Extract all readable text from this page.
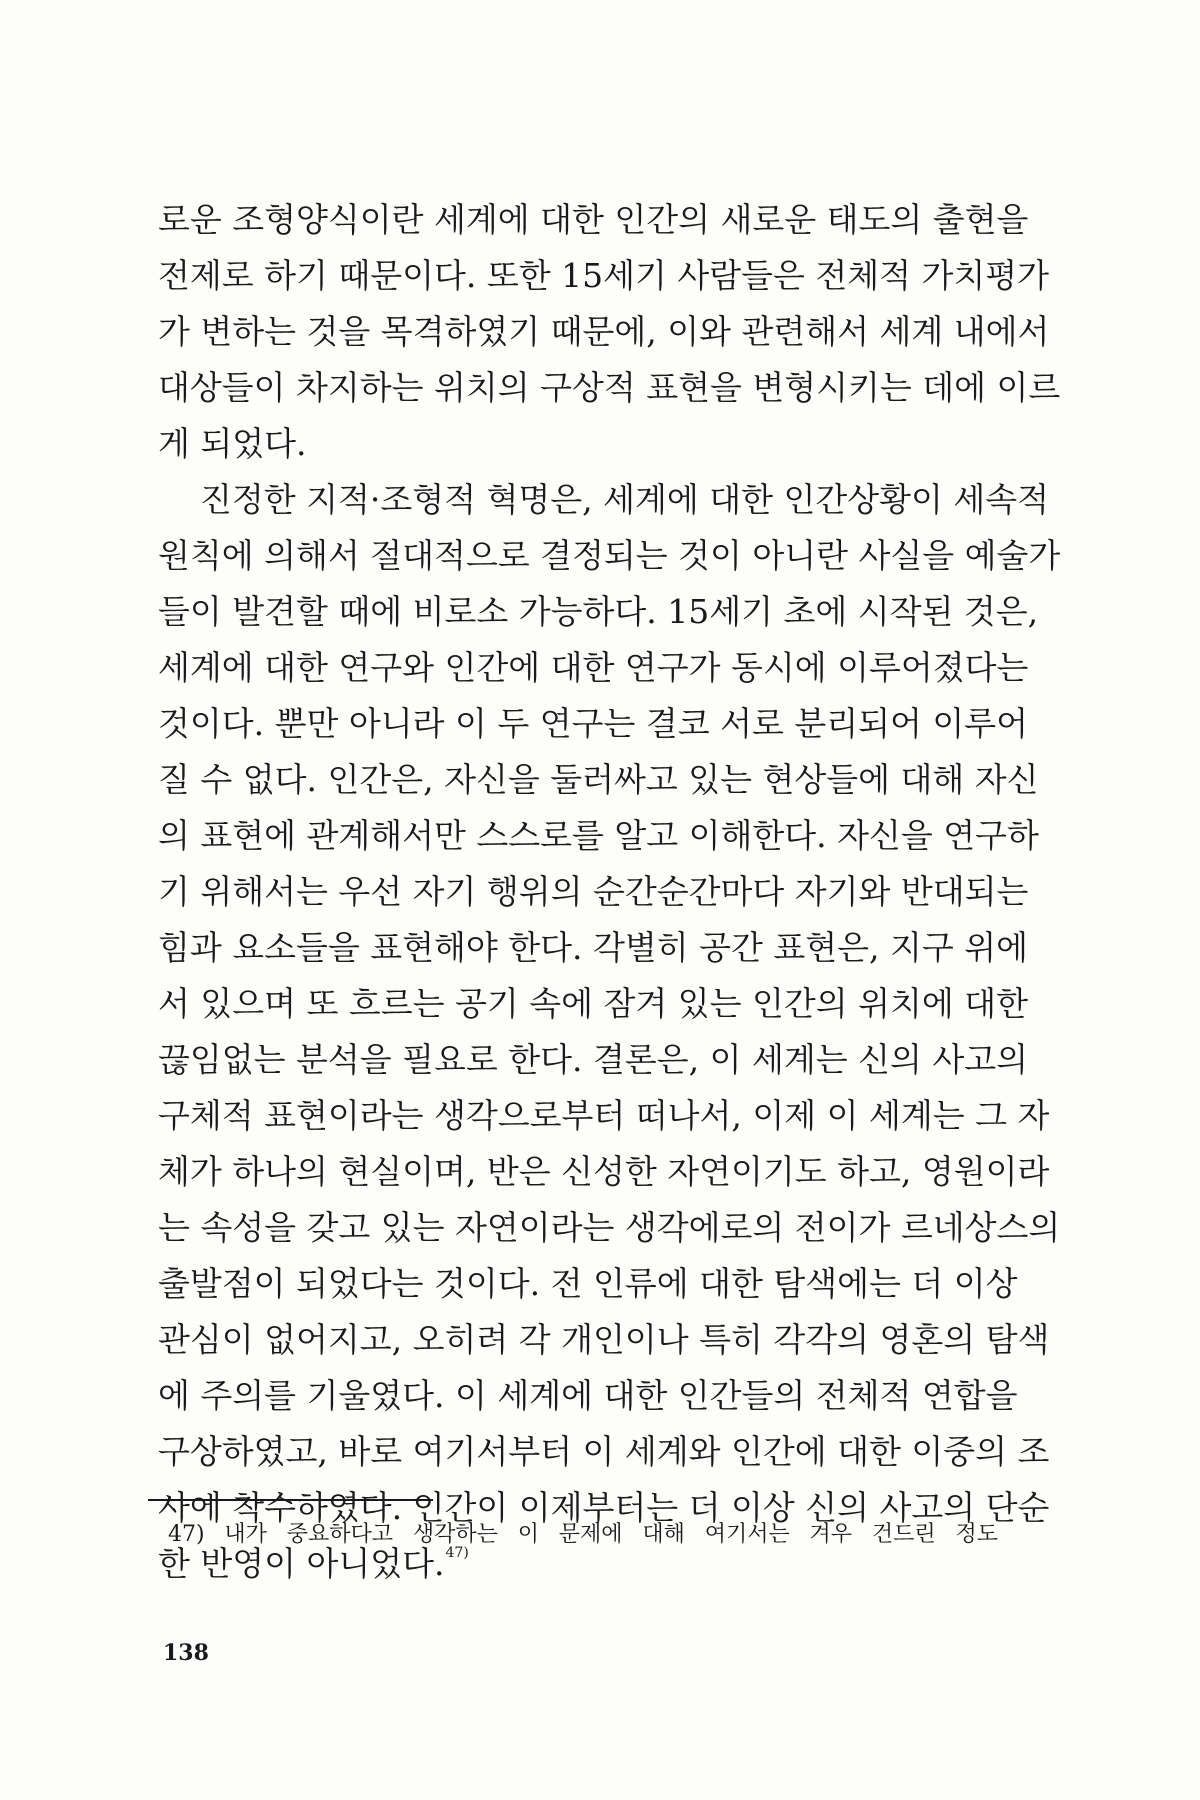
로운 조형양식이란 세계에 대한 인간의 새로운 태도의 출현을
전제로 하기 때문이다. 또한 15세기 사람들은 전체적 가치평가
가 변하는 것을 목격하였기 때문에, 이와 관련해서 세계 내에서
대상들이 차지하는 위치의 구상적 표현을 변형시키는 데에 이르
게 되었다.
진정한 지적·조형적 혁명은, 세계에 대한 인간상황이 세속적
원칙에 의해서 절대적으로 결정되는 것이 아니란 사실을 예술가
들이 발견할 때에 비로소 가능하다. 15세기 초에 시작된 것은,
세계에 대한 연구와 인간에 대한 연구가 동시에 이루어졌다는
것이다. 뿐만 아니라 이 두 연구는 결코 서로 분리되어 이루어
질 수 없다. 인간은, 자신을 둘러싸고 있는 현상들에 대해 자신
의 표현에 관계해서만 스스로를 알고 이해한다. 자신을 연구하
기 위해서는 우선 자기 행위의 순간순간마다 자기와 반대되는
힘과 요소들을 표현해야 한다. 각별히 공간 표현은, 지구 위에
서 있으며 또 흐르는 공기 속에 잠겨 있는 인간의 위치에 대한
끊임없는 분석을 필요로 한다. 결론은, 이 세계는 신의 사고의
구체적 표현이라는 생각으로부터 떠나서, 이제 이 세계는 그 자
체가 하나의 현실이며, 반은 신성한 자연이기도 하고, 영원이라
는 속성을 갖고 있는 자연이라는 생각에로의 전이가 르네상스의
출발점이 되었다는 것이다. 전 인류에 대한 탐색에는 더 이상
관심이 없어지고, 오히려 각 개인이나 특히 각각의 영혼의 탐색
에 주의를 기울였다. 이 세계에 대한 인간들의 전체적 연합을
구상하였고, 바로 여기서부터 이 세계와 인간에 대한 이중의 조
사에 착수하였다. 인간이 이제부터는 더 이상 신의 사고의 단순
한 반영이 아니었다.$^{47)}$
47) 내가 중요하다고 생각하는 이 문제에 대해 여기서는 겨우 건드린 정도
138
